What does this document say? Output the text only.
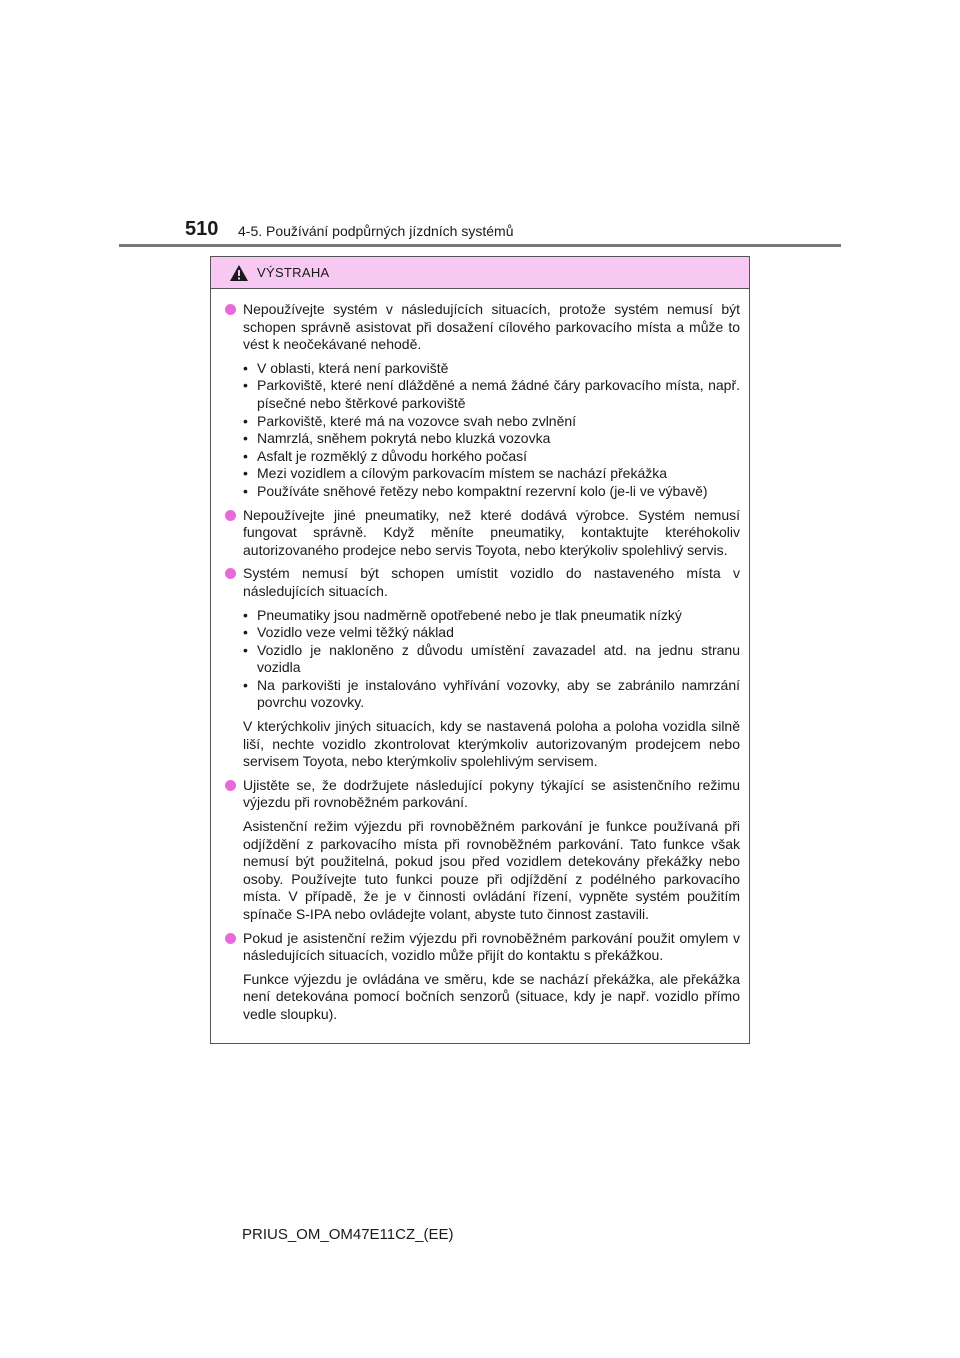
510 4-5. Používání podpůrných jízdních systémů
VÝSTRAHA

Nepoužívejte systém v následujících situacích, protože systém nemusí být schopen správně asistovat při dosažení cílového parkovacího místa a může to vést k neočekávané nehodě.

• V oblasti, která není parkoviště
• Parkoviště, které není dlážděné a nemá žádné čáry parkovacího místa, např. písečné nebo štěrkové parkoviště
• Parkoviště, které má na vozovce svah nebo zvlnění
• Namrzlá, sněhem pokrytá nebo kluzká vozovka
• Asfalt je rozměklý z důvodu horkého počasí
• Mezi vozidlem a cílovým parkovacím místem se nachází překážka
• Používáte sněhové řetězy nebo kompaktní rezervní kolo (je-li ve výbavě)

Nepoužívejte jiné pneumatiky, než které dodává výrobce. Systém nemusí fungovat správně. Když měníte pneumatiky, kontaktujte kteréhokoliv autorizovaného prodejce nebo servis Toyota, nebo kterýkoliv spolehlivý servis.

Systém nemusí být schopen umístit vozidlo do nastaveného místa v následujících situacích.

• Pneumatiky jsou nadměrně opotřebené nebo je tlak pneumatik nízký
• Vozidlo veze velmi těžký náklad
• Vozidlo je nakloněno z důvodu umístění zavazadel atd. na jednu stranu vozidla
• Na parkovišti je instalováno vyhřívání vozovky, aby se zabránilo namrzání povrchu vozovky.

V kterýchkoliv jiných situacích, kdy se nastavená poloha a poloha vozidla silně liší, nechte vozidlo zkontrolovat kterýmkoliv autorizovaným prodejcem nebo servisem Toyota, nebo kterýmkoliv spolehlivým servisem.

Ujistěte se, že dodržujete následující pokyny týkající se asistenčního režimu výjezdu při rovnoběžném parkování.

Asistenční režim výjezdu při rovnoběžném parkování je funkce používaná při odjíždění z parkovacího místa při rovnoběžném parkování. Tato funkce však nemusí být použitelná, pokud jsou před vozidlem detekovány překážky nebo osoby. Používejte tuto funkci pouze při odjíždění z podélného parkovacího místa. V případě, že je v činnosti ovládání řízení, vypněte systém použitím spínače S-IPA nebo ovládejte volant, abyste tuto činnost zastavili.

Pokud je asistenční režim výjezdu při rovnoběžném parkování použit omylem v následujících situacích, vozidlo může přijít do kontaktu s překážkou.

Funkce výjezdu je ovládána ve směru, kde se nachází překážka, ale překážka není detekována pomocí bočních senzorů (situace, kdy je např. vozidlo přímo vedle sloupku).

PRIUS_OM_OM47E11CZ_(EE)
